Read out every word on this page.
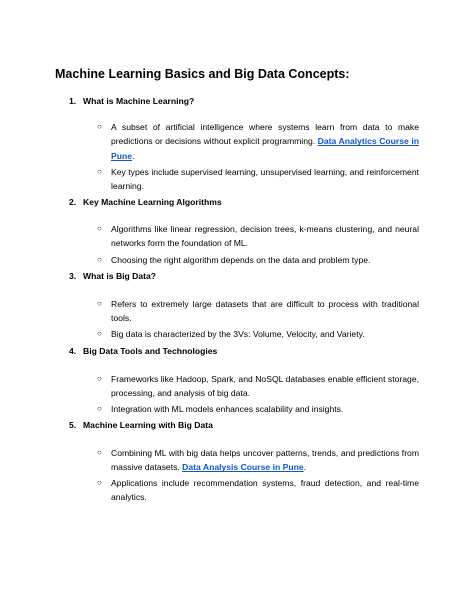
Machine Learning Basics and Big Data Concepts:
1. What is Machine Learning?
○ A subset of artificial intelligence where systems learn from data to make predictions or decisions without explicit programming. Data Analytics Course in Pune.
○ Key types include supervised learning, unsupervised learning, and reinforcement learning.
2. Key Machine Learning Algorithms
○ Algorithms like linear regression, decision trees, k-means clustering, and neural networks form the foundation of ML.
○ Choosing the right algorithm depends on the data and problem type.
3. What is Big Data?
○ Refers to extremely large datasets that are difficult to process with traditional tools.
○ Big data is characterized by the 3Vs: Volume, Velocity, and Variety.
4. Big Data Tools and Technologies
○ Frameworks like Hadoop, Spark, and NoSQL databases enable efficient storage, processing, and analysis of big data.
○ Integration with ML models enhances scalability and insights.
5. Machine Learning with Big Data
○ Combining ML with big data helps uncover patterns, trends, and predictions from massive datasets. Data Analysis Course in Pune.
○ Applications include recommendation systems, fraud detection, and real-time analytics.
